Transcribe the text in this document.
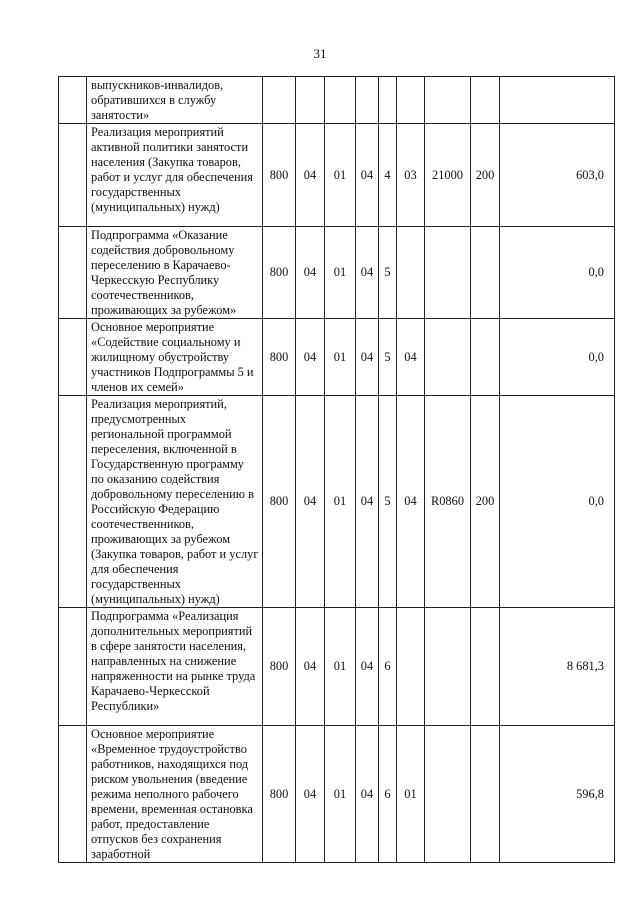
31
	выпускников-инвалидов, обратившихся в службу занятости»									
	Реализация мероприятий активной политики занятости населения (Закупка товаров, работ и услуг для обеспечения государственных (муниципальных) нужд)	800	04	01	04	4	03	21000	200	603,0
	Подпрограмма «Оказание содействия добровольному переселению в Карачаево-Черкесскую Республику соотечественников, проживающих за рубежом»	800	04	01	04	5				0,0
	Основное мероприятие «Содействие социальному и жилищному обустройству участников Подпрограммы 5 и членов их семей»	800	04	01	04	5	04			0,0
	Реализация мероприятий, предусмотренных региональной программой переселения, включенной в Государственную программу по оказанию содействия добровольному переселению в Российскую Федерацию соотечественников, проживающих за рубежом (Закупка товаров, работ и услуг для обеспечения государственных (муниципальных) нужд)	800	04	01	04	5	04	R0860	200	0,0
	Подпрограмма «Реализация дополнительных мероприятий в сфере занятости населения, направленных на снижение напряженности на рынке труда Карачаево-Черкесской Республики»	800	04	01	04	6				8 681,3
	Основное мероприятие «Временное трудоустройство работников, находящихся под риском увольнения (введение режима неполного рабочего времени, временная остановка работ, предоставление отпусков без сохранения заработной	800	04	01	04	6	01			596,8
